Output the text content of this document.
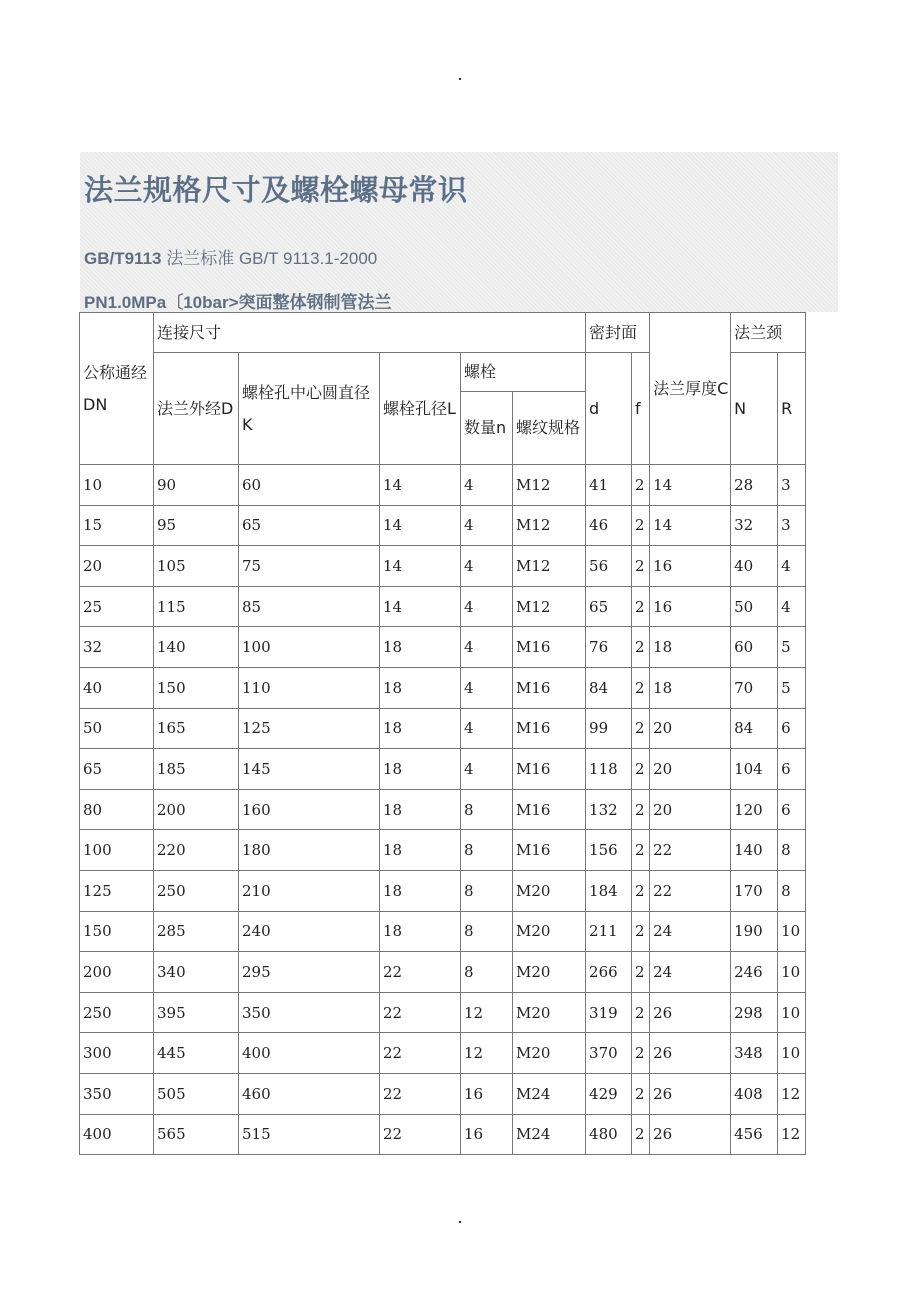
法兰规格尺寸及螺栓螺母常识
GB/T9113 法兰标准 GB/T 9113.1-2000
PN1.0MPa〔10bar>突面整体钢制管法兰
公称通经DN	连接尺寸					密封面		法兰厚度C	法兰颈	
	法兰外经D	螺栓孔中心圆直径K	螺栓孔径L	螺栓		d	f		N	R
				数量n	螺纹规格					
10	90	60	14	4	M12	41	2	14	28	3
15	95	65	14	4	M12	46	2	14	32	3
20	105	75	14	4	M12	56	2	16	40	4
25	115	85	14	4	M12	65	2	16	50	4
32	140	100	18	4	M16	76	2	18	60	5
40	150	110	18	4	M16	84	2	18	70	5
50	165	125	18	4	M16	99	2	20	84	6
65	185	145	18	4	M16	118	2	20	104	6
80	200	160	18	8	M16	132	2	20	120	6
100	220	180	18	8	M16	156	2	22	140	8
125	250	210	18	8	M20	184	2	22	170	8
150	285	240	18	8	M20	211	2	24	190	10
200	340	295	22	8	M20	266	2	24	246	10
250	395	350	22	12	M20	319	2	26	298	10
300	445	400	22	12	M20	370	2	26	348	10
350	505	460	22	16	M24	429	2	26	408	12
400	565	515	22	16	M24	480	2	26	456	12
